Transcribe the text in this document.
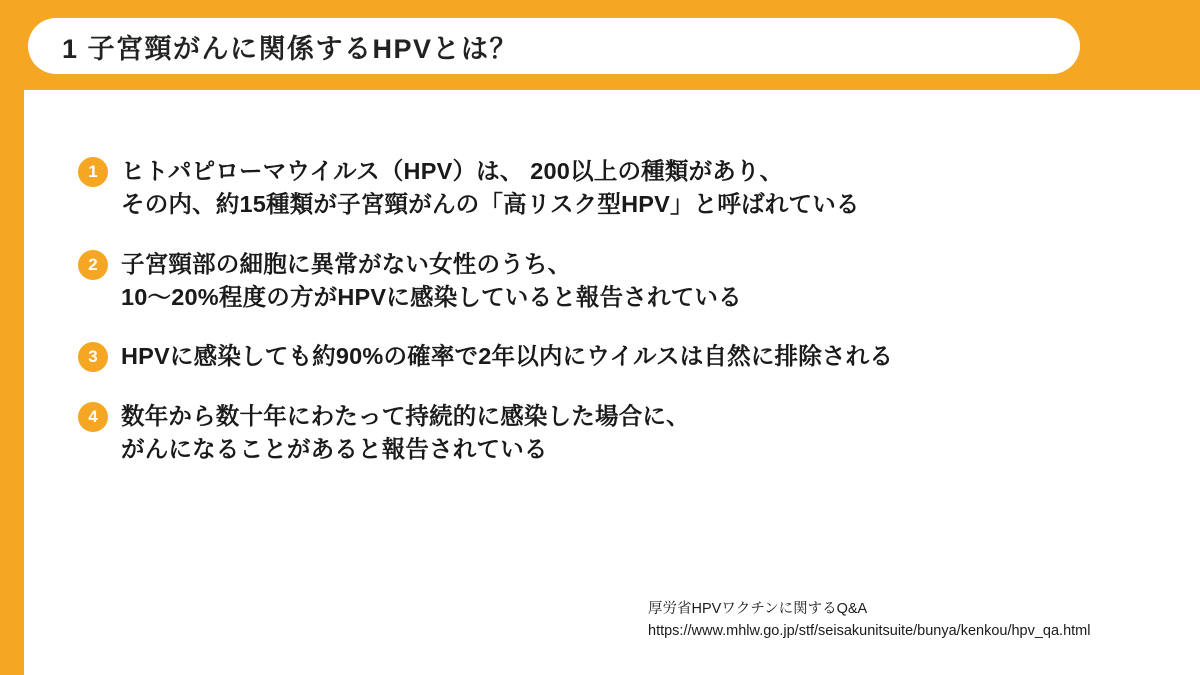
1 子宮頸がんに関係するHPVとは？
1 ヒトパピローマウイルス（HPV）は、 200以上の種類があり、
その内、約15種類が子宮頸がんの「高リスク型HPV」と呼ばれている
2 子宮頸部の細胞に異常がない女性のうち、
10〜20%程度の方がHPVに感染していると報告されている
3 HPVに感染しても約90%の確率で2年以内にウイルスは自然に排除される
4 数年から数十年にわたって持続的に感染した場合に、
がんになることがあると報告されている
厚労省HPVワクチンに関するQ&A
https://www.mhlw.go.jp/stf/seisakunitsuite/bunya/kenkou/hpv_qa.html
